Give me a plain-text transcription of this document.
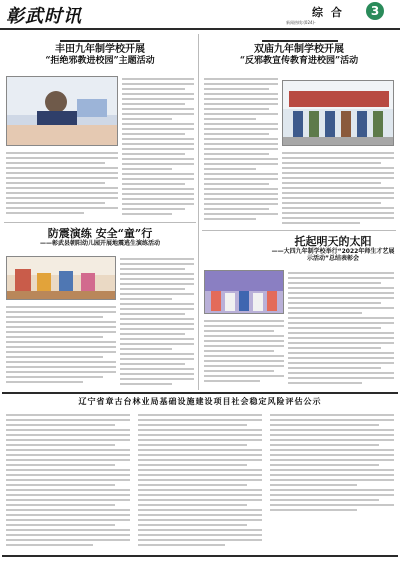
彰武时讯	综 合	3
新闻热线:(024)-
丰田九年制学校开展
“拒绝邪教进校园”主题活动
防震演练 安全“童”行
——彰武县朝阳幼儿园开展地震逃生演练活动
双庙九年制学校开展
“反邪教宣传教育进校园”活动
托起明天的太阳
——大四九年制学校举行“2022年师生才艺展示活动”总结表彰会
辽宁省章古台林业局基础设施建设项目社会稳定风险评估公示
